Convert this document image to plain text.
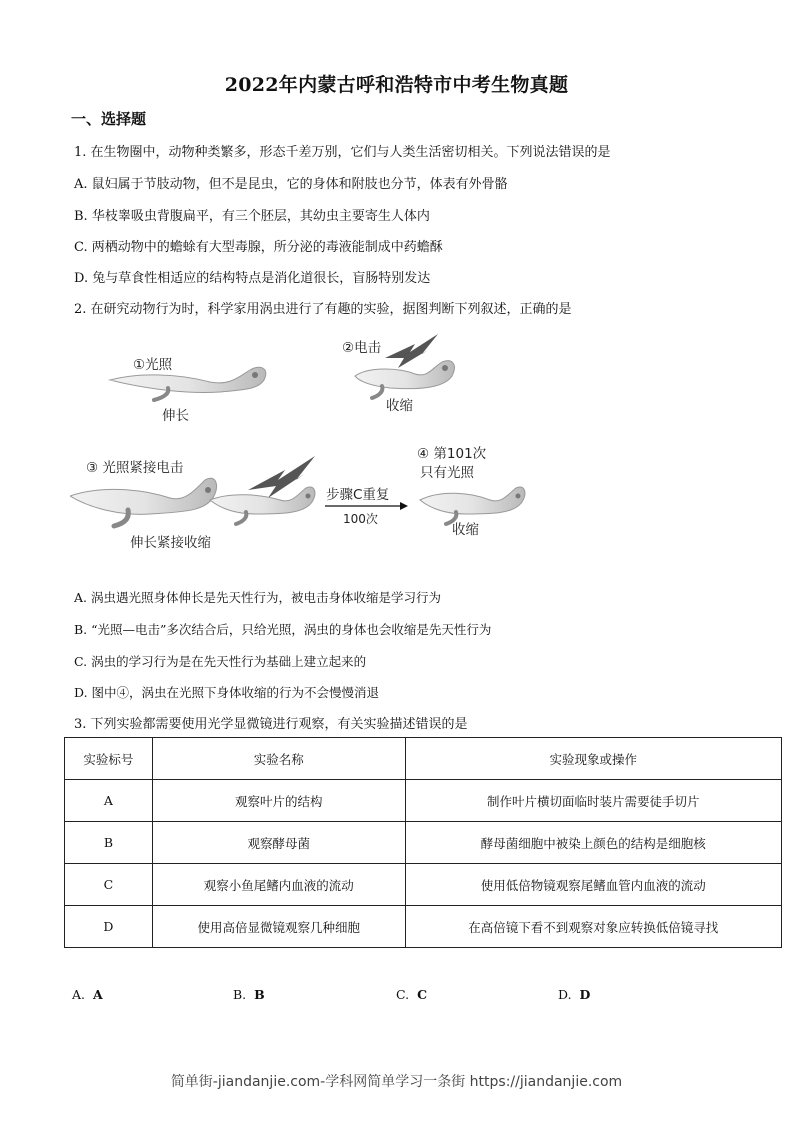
2022年内蒙古呼和浩特市中考生物真题
一、选择题
1. 在生物圈中，动物种类繁多，形态千差万别，它们与人类生活密切相关。下列说法错误的是
A. 鼠妇属于节肢动物，但不是昆虫，它的身体和附肢也分节，体表有外骨骼
B. 华枝睾吸虫背腹扁平，有三个胚层，其幼虫主要寄生人体内
C. 两栖动物中的蟾蜍有大型毒腺，所分泌的毒液能制成中药蟾酥
D. 兔与草食性相适应的结构特点是消化道很长，盲肠特别发达
2. 在研究动物行为时，科学家用涡虫进行了有趣的实验，据图判断下列叙述，正确的是
①光照
伸长
②电击
收缩
③ 光照紧接电击
伸长紧接收缩
步骤C重复
100次
④ 第101次
只有光照
收缩
A. 涡虫遇光照身体伸长是先天性行为，被电击身体收缩是学习行为
B. “光照—电击”多次结合后，只给光照，涡虫的身体也会收缩是先天性行为
C. 涡虫的学习行为是在先天性行为基础上建立起来的
D. 图中④，涡虫在光照下身体收缩的行为不会慢慢消退
3. 下列实验都需要使用光学显微镜进行观察，有关实验描述错误的是
实验标号	实验名称	实验现象或操作
A	观察叶片的结构	制作叶片横切面临时装片需要徒手切片
B	观察酵母菌	酵母菌细胞中被染上颜色的结构是细胞核
C	观察小鱼尾鳍内血液的流动	使用低倍物镜观察尾鳍血管内血液的流动
D	使用高倍显微镜观察几种细胞	在高倍镜下看不到观察对象应转换低倍镜寻找
A. A	B. B	C. C	D. D
简单街-jiandanjie.com-学科网简单学习一条街 https://jiandanjie.com
